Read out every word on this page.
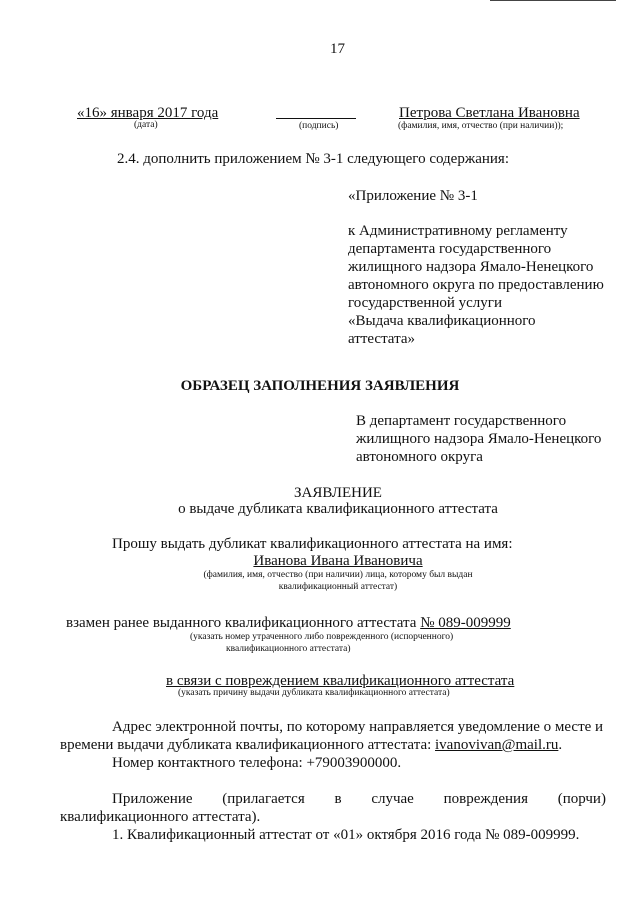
17
«16» января 2017 года
(дата)	(подпись)
Петрова Светлана Ивановна
(фамилия, имя, отчество (при наличии));
2.4. дополнить приложением № 3-1 следующего содержания:
«Приложение № 3-1
к Административному регламенту
департамента государственного
жилищного надзора Ямало-Ненецкого
автономного округа по предоставлению
государственной услуги
«Выдача квалификационного
аттестата»
ОБРАЗЕЦ ЗАПОЛНЕНИЯ ЗАЯВЛЕНИЯ
В департамент государственного
жилищного надзора Ямало-Ненецкого
автономного округа
ЗАЯВЛЕНИЕ
о выдаче дубликата квалификационного аттестата
Прошу выдать дубликат квалификационного аттестата на имя:
Иванова Ивана Ивановича
(фамилия, имя, отчество (при наличии) лица, которому был выдан
квалификационный аттестат)
взамен ранее выданного квалификационного аттестата № 089-009999
(указать номер утраченного либо поврежденного (испорченного)
квалификационного аттестата)
в связи с повреждением квалификационного аттестата
(указать причину выдачи дубликата квалификационного аттестата)
Адрес электронной почты, по которому направляется уведомление о месте и
времени выдачи дубликата квалификационного аттестата: ivanovivan@mail.ru.
Номер контактного телефона: +79003900000.
Приложение (прилагается в случае повреждения (порчи)
квалификационного аттестата).
1. Квалификационный аттестат от «01» октября 2016 года № 089-009999.
